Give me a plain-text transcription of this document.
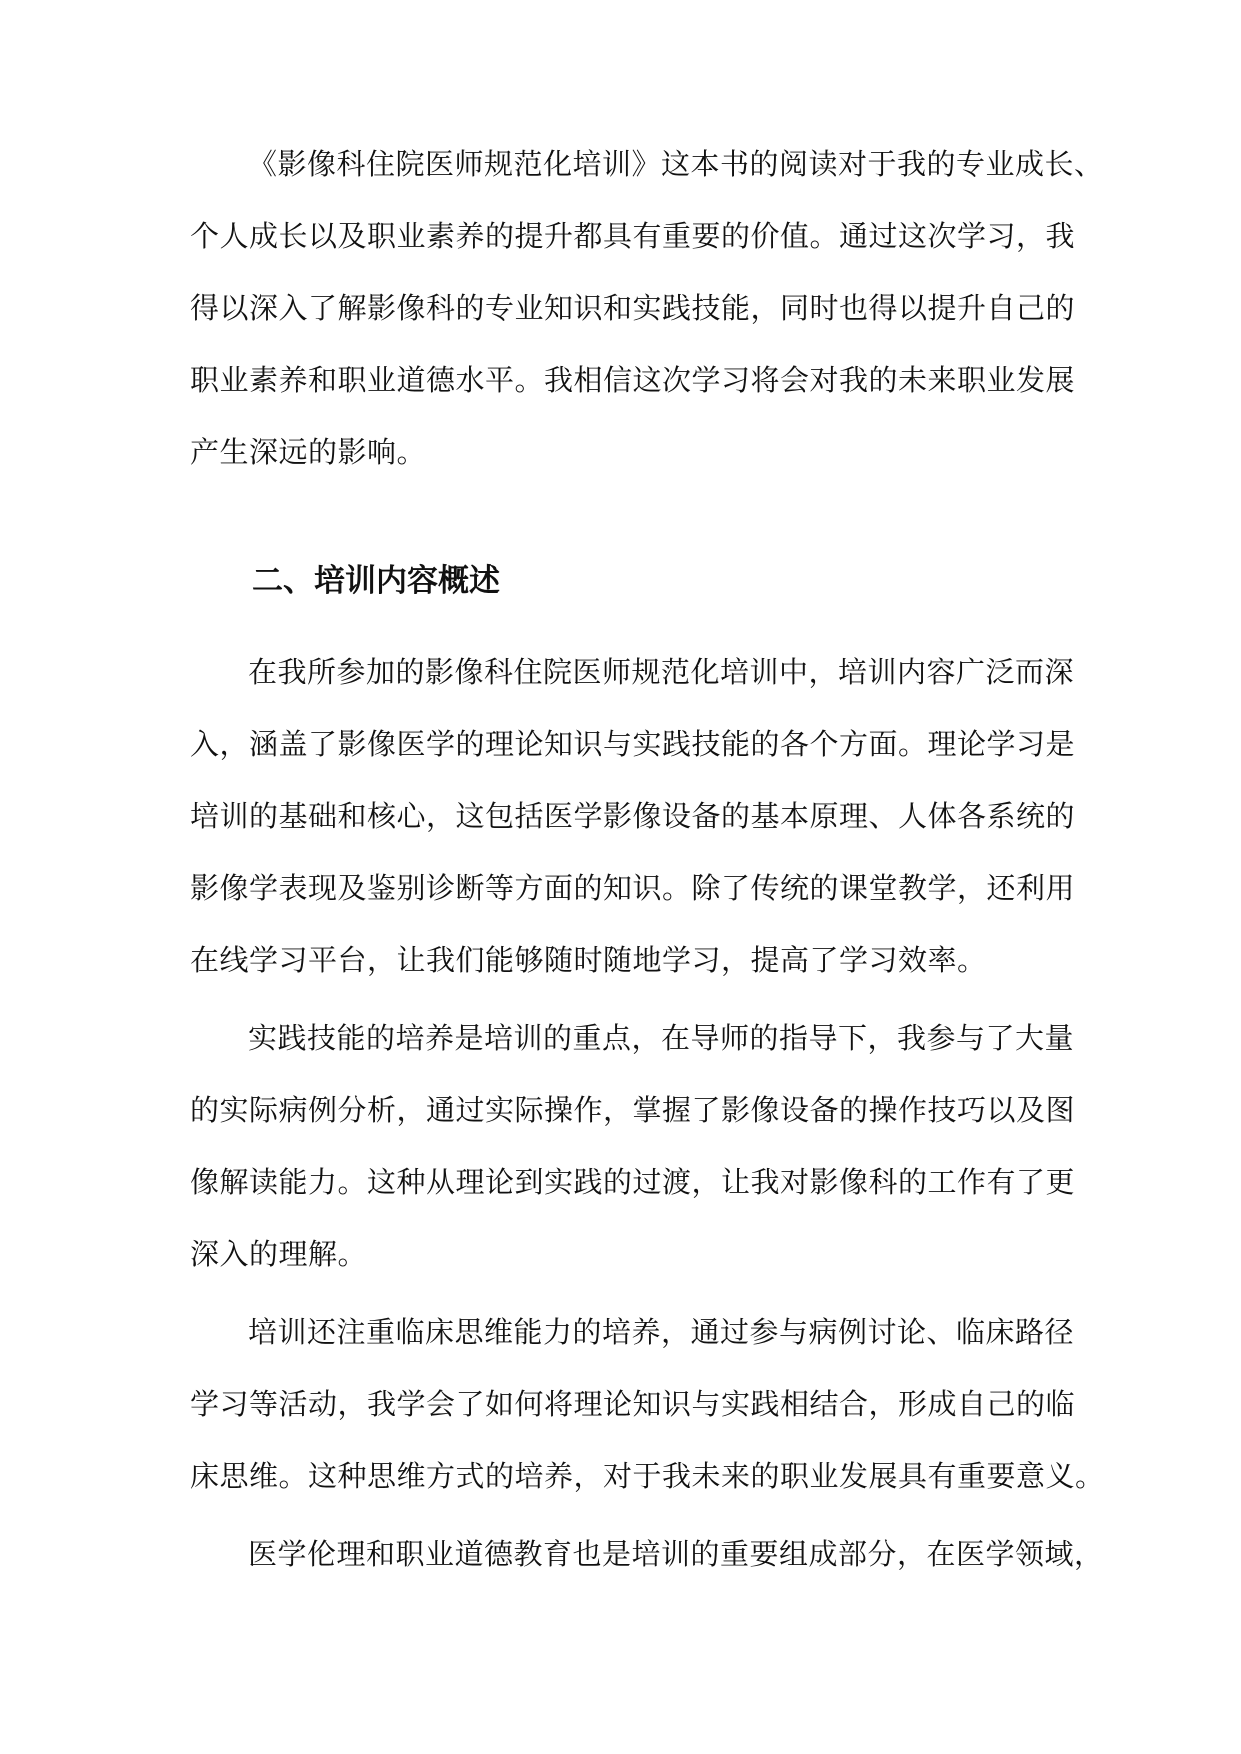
《影像科住院医师规范化培训》这本书的阅读对于我的专业成长、
个人成长以及职业素养的提升都具有重要的价值。通过这次学习，我
得以深入了解影像科的专业知识和实践技能，同时也得以提升自己的
职业素养和职业道德水平。我相信这次学习将会对我的未来职业发展
产生深远的影响。

二、培训内容概述

在我所参加的影像科住院医师规范化培训中，培训内容广泛而深
入，涵盖了影像医学的理论知识与实践技能的各个方面。理论学习是
培训的基础和核心，这包括医学影像设备的基本原理、人体各系统的
影像学表现及鉴别诊断等方面的知识。除了传统的课堂教学，还利用
在线学习平台，让我们能够随时随地学习，提高了学习效率。

实践技能的培养是培训的重点，在导师的指导下，我参与了大量
的实际病例分析，通过实际操作，掌握了影像设备的操作技巧以及图
像解读能力。这种从理论到实践的过渡，让我对影像科的工作有了更
深入的理解。

培训还注重临床思维能力的培养，通过参与病例讨论、临床路径
学习等活动，我学会了如何将理论知识与实践相结合，形成自己的临
床思维。这种思维方式的培养，对于我未来的职业发展具有重要意义。

医学伦理和职业道德教育也是培训的重要组成部分，在医学领域，
